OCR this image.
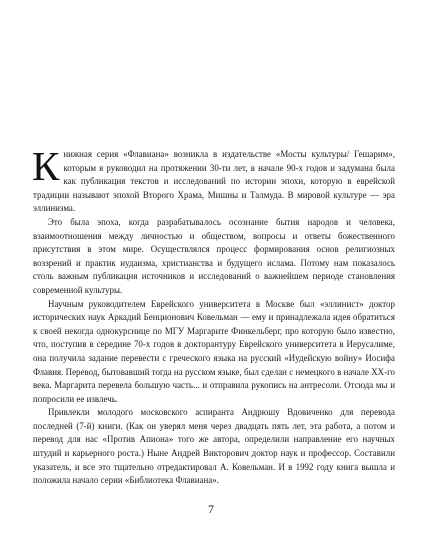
Книжная серия «Флавиана» возникла в издательстве «Мосты культуры/ Гешарим», которым я руководил на протяжении 30-ти лет, в начале 90-х годов и задумана была как публикация текстов и исследований по истории эпохи, которую в еврейской традиции называют эпохой Второго Храма, Мишны и Талмуда. В мировой культуре — эра эллинизма.

Это была эпоха, когда разрабатывалось осознание бытия народов и человека, взаимоотношения между личностью и обществом, вопросы и ответы божественного присутствия в этом мире. Осуществлялся процесс формирования основ религиозных воззрений и практик иудаизма, христианства и будущего ислама. Потому нам показалось столь важным публикация источников и исследований о важнейшем периоде становления современной культуры.

Научным руководителем Еврейского университета в Москве был «эллинист» доктор исторических наук Аркадий Бенционович Ковельман — ему и принадлежала идея обратиться к своей некогда однокурснице по МГУ Маргарите Финкельберг, про которую было известно, что, поступив в середине 70-х годов в докторантуру Еврейского университета в Иерусалиме, она получила задание перевести с греческого языка на русский «Иудейскую войну» Иосифа Флавия. Перевод, бытовавший тогда на русском языке, был сделан с немецкого в начале XX-го века. Маргарита перевела большую часть... и отправила рукопись на антресоли. Отсюда мы и попросили ее извлечь.

Привлекли молодого московского аспиранта Андрюшу Вдовиченко для перевода последней (7-й) книги. (Как он уверял меня через двадцать пять лет, эта работа, а потом и перевод для нас «Против Апиона» того же автора, определили направление его научных штудий и карьерного роста.) Ныне Андрей Викторович доктор наук и профессор. Составили указатель, и все это тщательно отредактировал А. Ковельман. И в 1992 году книга вышла и положила начало серии «Библиотека Флавиана».

7
